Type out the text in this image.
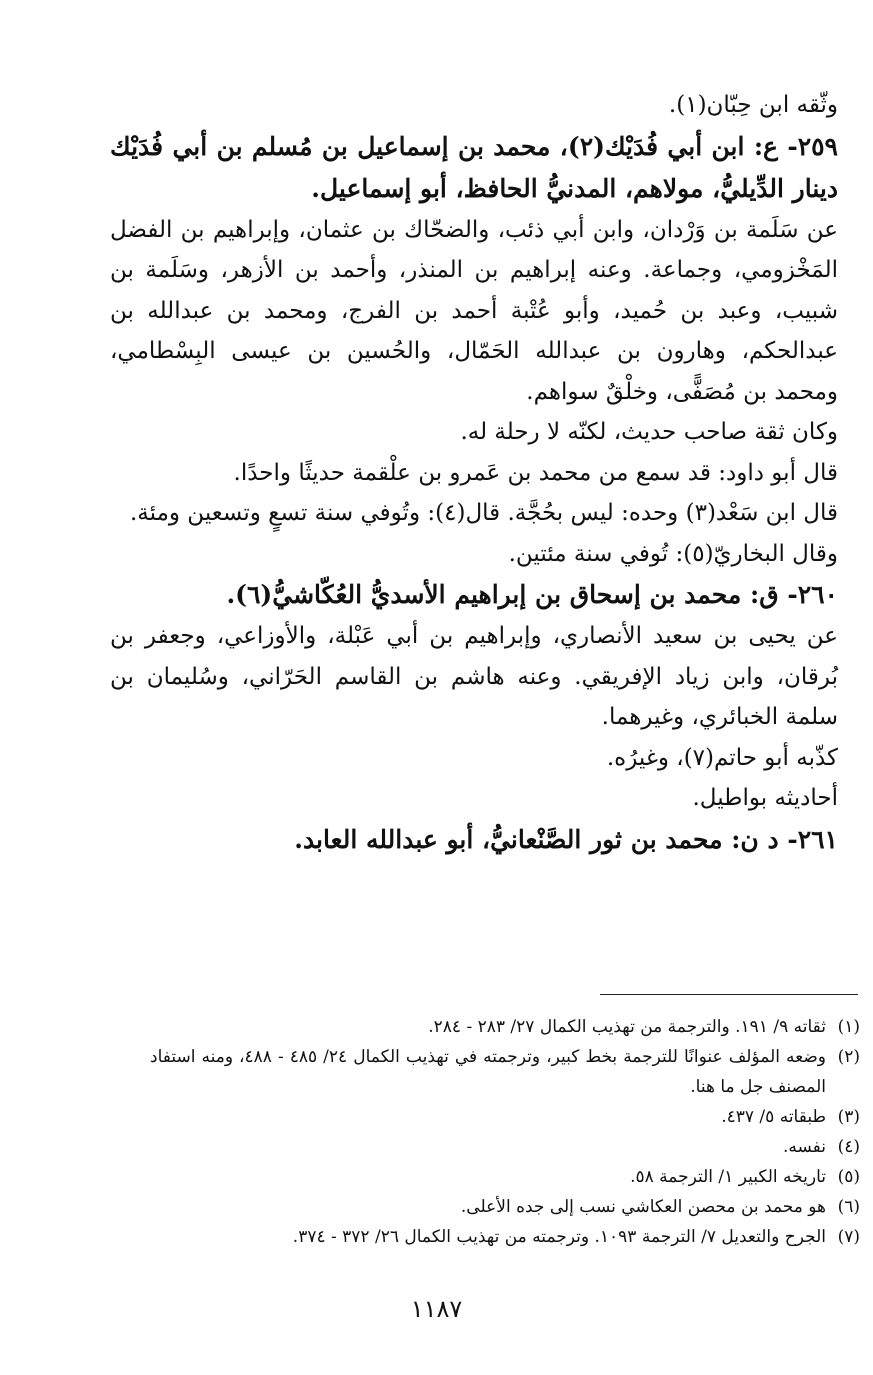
وثّقه ابن حِبّان(١).

٢٥٩- ع: ابن أبي فُدَيْك(٢)، محمد بن إسماعيل بن مُسلم بن أبي فُدَيْك دينار الدِّيليُّ، مولاهم، المدنيُّ الحافظ، أبو إسماعيل.

عن سَلَمة بن وَرْدان، وابن أبي ذئب، والضحّاك بن عثمان، وإبراهيم بن الفضل المَخْزومي، وجماعة. وعنه إبراهيم بن المنذر، وأحمد بن الأزهر، وسَلَمة بن شبيب، وعبد بن حُميد، وأبو عُتْبة أحمد بن الفرج، ومحمد بن عبدالله بن عبدالحكم، وهارون بن عبدالله الحَمّال، والحُسين بن عيسى البِسْطامي، ومحمد بن مُصَفًّى، وخلْقٌ سواهم.

وكان ثقة صاحب حديث، لكنّه لا رحلة له.

قال أبو داود: قد سمع من محمد بن عَمرو بن علْقمة حديثًا واحدًا.

قال ابن سَعْد(٣) وحده: ليس بحُجَّة. قال(٤): وتُوفي سنة تسعٍ وتسعين ومئة.

وقال البخاريّ(٥): تُوفي سنة مئتين.

٢٦٠- ق: محمد بن إسحاق بن إبراهيم الأسديُّ العُكّاشيُّ(٦).

عن يحيى بن سعيد الأنصاري، وإبراهيم بن أبي عَبْلة، والأوزاعي، وجعفر بن بُرقان، وابن زياد الإفريقي. وعنه هاشم بن القاسم الحَرّاني، وسُليمان بن سلمة الخبائري، وغيرهما.

كذّبه أبو حاتم(٧)، وغيرُه.

أحاديثه بواطيل.

٢٦١- د ن: محمد بن ثور الصَّنْعانيُّ، أبو عبدالله العابد.

(١)
ثقاته ٩/ ١٩١. والترجمة من تهذيب الكمال ٢٧/ ٢٨٣ - ٢٨٤.
(٢)
وضعه المؤلف عنوانًا للترجمة بخط كبير، وترجمته في تهذيب الكمال ٢٤/ ٤٨٥ - ٤٨٨، ومنه استفاد المصنف جل ما هنا.
(٣)
طبقاته ٥/ ٤٣٧.
(٤)
نفسه.
(٥)
تاريخه الكبير ١/ الترجمة ٥٨.
(٦)
هو محمد بن محصن العكاشي نسب إلى جده الأعلى.
(٧)
الجرح والتعديل ٧/ الترجمة ١٠٩٣. وترجمته من تهذيب الكمال ٢٦/ ٣٧٢ - ٣٧٤.
١١٨٧
